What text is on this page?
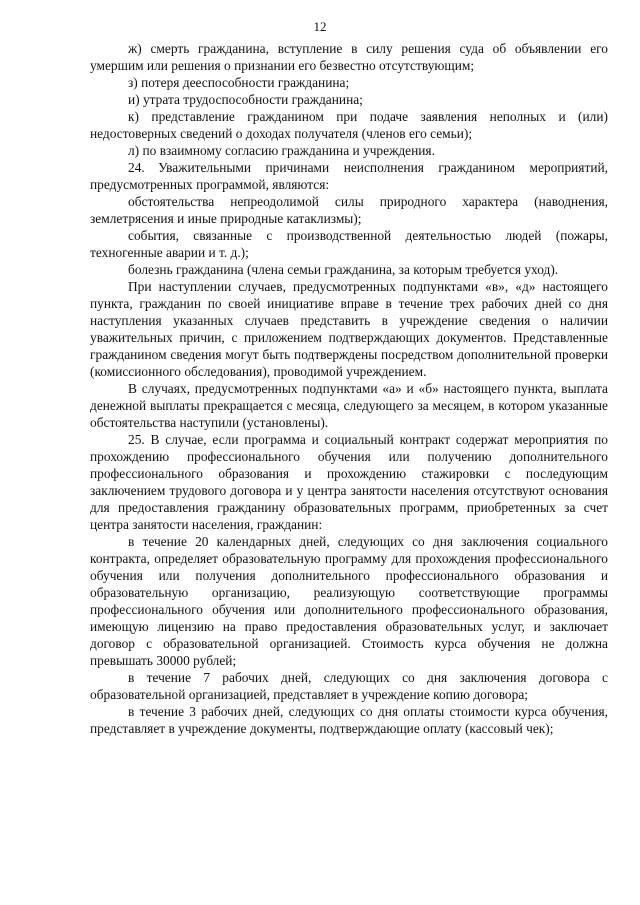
12

ж) смерть гражданина, вступление в силу решения суда об объявлении его умершим или решения о признании его безвестно отсутствующим;

з) потеря дееспособности гражданина;

и) утрата трудоспособности гражданина;

к) представление гражданином при подаче заявления неполных и (или) недостоверных сведений о доходах получателя (членов его семьи);

л) по взаимному согласию гражданина и учреждения.

24. Уважительными причинами неисполнения гражданином мероприятий, предусмотренных программой, являются:

обстоятельства непреодолимой силы природного характера (наводнения, землетрясения и иные природные катаклизмы);

события, связанные с производственной деятельностью людей (пожары, техногенные аварии и т. д.);

болезнь гражданина (члена семьи гражданина, за которым требуется уход).

При наступлении случаев, предусмотренных подпунктами «в», «д» настоящего пункта, гражданин по своей инициативе вправе в течение трех рабочих дней со дня наступления указанных случаев представить в учреждение сведения о наличии уважительных причин, с приложением подтверждающих документов. Представленные гражданином сведения могут быть подтверждены посредством дополнительной проверки (комиссионного обследования), проводимой учреждением.

В случаях, предусмотренных подпунктами «а» и «б» настоящего пункта, выплата денежной выплаты прекращается с месяца, следующего за месяцем, в котором указанные обстоятельства наступили (установлены).

25. В случае, если программа и социальный контракт содержат мероприятия по прохождению профессионального обучения или получению дополнительного профессионального образования и прохождению стажировки с последующим заключением трудового договора и у центра занятости населения отсутствуют основания для предоставления гражданину образовательных программ, приобретенных за счет центра занятости населения, гражданин:

в течение 20 календарных дней, следующих со дня заключения социального контракта, определяет образовательную программу для прохождения профессионального обучения или получения дополнительного профессионального образования и образовательную организацию, реализующую соответствующие программы профессионального обучения или дополнительного профессионального образования, имеющую лицензию на право предоставления образовательных услуг, и заключает договор с образовательной организацией. Стоимость курса обучения не должна превышать 30000 рублей;

в течение 7 рабочих дней, следующих со дня заключения договора с образовательной организацией, представляет в учреждение копию договора;

в течение 3 рабочих дней, следующих со дня оплаты стоимости курса обучения, представляет в учреждение документы, подтверждающие оплату (кассовый чек);
